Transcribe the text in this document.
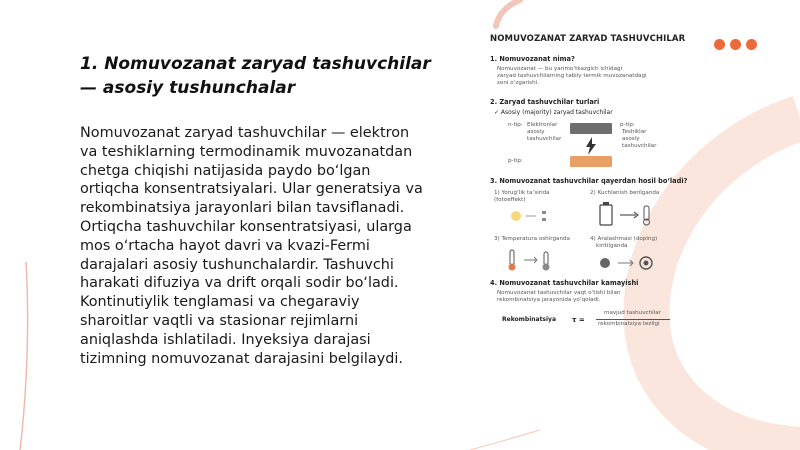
1. Nomuvozanat zaryad tashuvchilar
— asosiy tushunchalar

Nomuvozanat zaryad tashuvchilar — elektron va teshiklarning termodinamik muvozanatdan chetga chiqishi natijasida paydo bo‘lgan ortiqcha konsentratsiyalari. Ular generatsiya va rekombinatsiya jarayonlari bilan tavsiflanadi. Ortiqcha tashuvchilar konsentratsiyasi, ularga mos o‘rtacha hayot davri va kvazi-Fermi darajalari asosiy tushunchalardir. Tashuvchi harakati difuziya va drift orqali sodir bo‘ladi. Kontinutiylik tenglamasi va chegaraviy sharoitlar vaqtli va stasionar rejimlarni aniqlashda ishlatiladi. Inyeksiya darajasi tizimning nomuvozanat darajasini belgilaydi.

NOMUVOZANAT ZARYAD TASHUVCHILAR
1. Nomuvozanat nima?
Nomuvozanat — bu yarimo‘tkazgich ichidagi
zaryad tashuvchilarning tabiiy termik muvozanatdagi
soni o‘zgarishi.
2. Zaryad tashuvchilar turlari
✓ Asosiy (majority) zaryad tashuvchilar
n-tip: Elektronlar
asosiy
tashuvchilar
p-tip:
Teshiklar
asosiy
tashuvchilar
p-tip:
3. Nomuvozanat tashuvchilar qayerdan hosil bo‘ladi?
1) Yorug‘lik ta’sirida
(fotoeffekt)
2) Kuchlanish berilganda
3) Temperatura oshirganda	4) Aralashmasi (doping)
kiritilganda
4. Nomuvozanat tashuvchilar kamayishi
Nomuvozanat tashuvchilar vaqt o‘tishi bilan
rekombinatsiya jarayonida yo‘qoladi.
Rekombinatsiya τ =
mavjud tashuvchilar
rekombinatsiya tezligi
